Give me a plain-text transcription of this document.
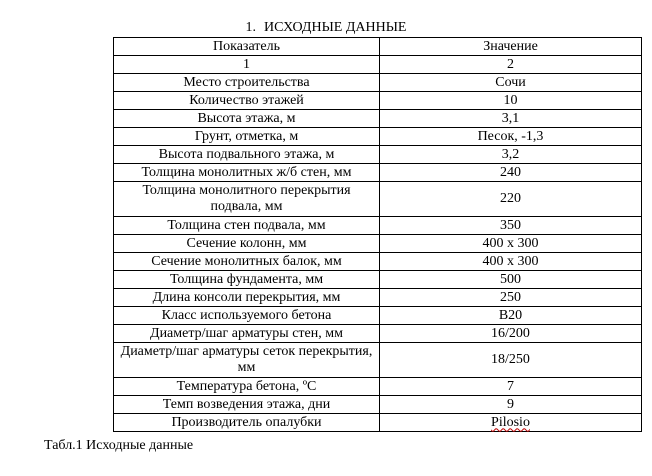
1. ИСХОДНЫЕ ДАННЫЕ
Показатель	Значение
1	2
Место строительства	Сочи
Количество этажей	10
Высота этажа, м	3,1
Грунт, отметка, м	Песок, -1,3
Высота подвального этажа, м	3,2
Толщина монолитных ж/б стен, мм	240
Толщина монолитного перекрытия подвала, мм	220
Толщина стен подвала, мм	350
Сечение колонн, мм	400 x 300
Сечение монолитных балок, мм	400 x 300
Толщина фундамента, мм	500
Длина консоли перекрытия, мм	250
Класс используемого бетона	В20
Диаметр/шаг арматуры стен, мм	16/200
Диаметр/шаг арматуры сеток перекрытия, мм	18/250
Температура бетона, ºC	7
Темп возведения этажа, дни	9
Производитель опалубки	Pilosio
Табл.1 Исходные данные
